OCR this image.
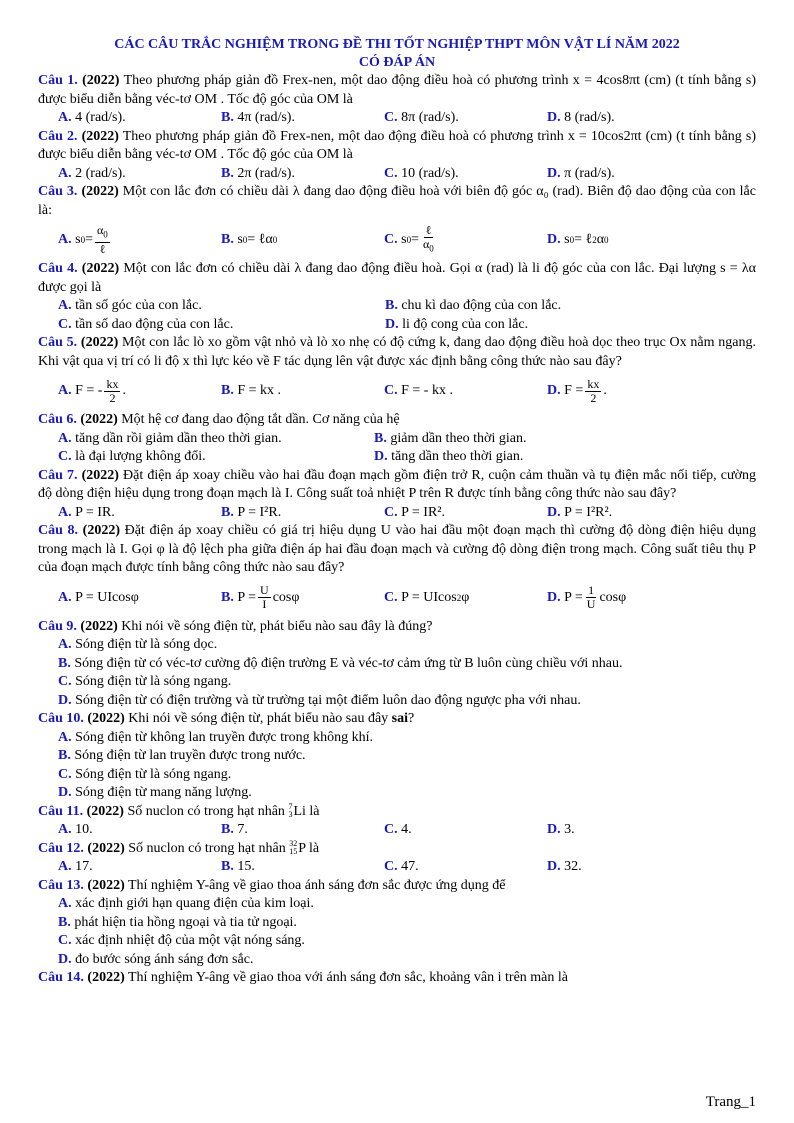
CÁC CÂU TRẮC NGHIỆM TRONG ĐỀ THI TỐT NGHIỆP THPT MÔN VẬT LÍ NĂM 2022
CÓ ĐÁP ÁN
Câu 1. (2022) Theo phương pháp giản đồ Frex-nen, một dao động điều hoà có phương trình x = 4cos8πt (cm) (t tính bằng s) được biểu diễn bằng véc-tơ OM . Tốc độ góc của OM là
A. 4 (rad/s).	B. 4π (rad/s).	C. 8π (rad/s).	D. 8 (rad/s).
Câu 2. (2022) Theo phương pháp giản đồ Frex-nen, một dao động điều hoà có phương trình x = 10cos2πt (cm) (t tính bằng s) được biểu diễn bằng véc-tơ OM . Tốc độ góc của OM là
A. 2 (rad/s).	B. 2π (rad/s).	C. 10 (rad/s).	D. π (rad/s).
Câu 3. (2022) Một con lắc đơn có chiều dài λ đang dao động điều hoà với biên độ góc α₀ (rad). Biên độ dao động của con lắc là:
A. s $0 = \frac{\alpha_0}{\text{ℓ}}$	B. s 0 = ℓα 0	C. s $0 = \frac{\text{ℓ}}{\alpha_0}$	D. s 0 = ℓ 2 α 0
Câu 4. (2022) Một con lắc đơn có chiều dài λ đang dao động điều hoà. Gọi α (rad) là li độ góc của con lắc. Đại lượng s = λα được gọi là
A. tần số góc của con lắc.	B. chu kì dao động của con lắc.
C. tần số dao động của con lắc.	D. li độ cong của con lắc.
Câu 5. (2022) Một con lắc lò xo gồm vật nhỏ và lò xo nhẹ có độ cứng k, đang dao động điều hoà dọc theo trục Ox nằm ngang. Khi vật qua vị trí có li độ x thì lực kéo về F tác dụng lên vật được xác định bằng công thức nào sau đây?
A. F = - $\frac{kx}{2}$ .	B. F = kx .	C. F = - kx .	D. $F = \frac{kx}{2}$ .
Câu 6. (2022) Một hệ cơ đang dao động tắt dần. Cơ năng của hệ
A. tăng dần rồi giảm dần theo thời gian.	B. giảm dần theo thời gian.
C. là đại lượng không đổi.	D. tăng dần theo thời gian.
Câu 7. (2022) Đặt điện áp xoay chiều vào hai đầu đoạn mạch gồm điện trở R, cuộn cảm thuần và tụ điện mắc nối tiếp, cường độ dòng điện hiệu dụng trong đoạn mạch là I. Công suất toả nhiệt P trên R được tính bằng công thức nào sau đây?
A. P = IR.	B. P = I²R.	C. P = IR².	D. P = I²R².
Câu 8. (2022) Đặt điện áp xoay chiều có giá trị hiệu dụng U vào hai đầu một đoạn mạch thì cường độ dòng điện hiệu dụng trong mạch là I. Gọi φ là độ lệch pha giữa điện áp hai đầu đoạn mạch và cường độ dòng điện trong mạch. Công suất tiêu thụ P của đoạn mạch được tính bằng công thức nào sau đây?
A. P = UIcosφ	B. $P = \frac{U}{I}$ cosφ	C. P = UIcos 2 φ	D. $P = \frac{1}{U}$ cosφ
Câu 9. (2022) Khi nói về sóng điện từ, phát biểu nào sau đây là đúng?
A. Sóng điện từ là sóng dọc.
B. Sóng điện từ có véc-tơ cường độ điện trường E và véc-tơ cảm ứng từ B luôn cùng chiều với nhau.
C. Sóng điện từ là sóng ngang.
D. Sóng điện từ có điện trường và từ trường tại một điểm luôn dao động ngược pha với nhau.
Câu 10. (2022) Khi nói về sóng điện từ, phát biểu nào sau đây sai?
A. Sóng điện từ không lan truyền được trong không khí.
B. Sóng điện từ lan truyền được trong nước.
C. Sóng điện từ là sóng ngang.
D. Sóng điện từ mang năng lượng.
Câu 11. (2022) Số nuclon có trong hạt nhân 7
3 Li là
A. 10.	B. 7.	C. 4.	D. 3.
Câu 12. (2022) Số nuclon có trong hạt nhân 32
15 P là
A. 17.	B. 15.	C. 47.	D. 32.
Câu 13. (2022) Thí nghiệm Y-âng về giao thoa ánh sáng đơn sắc được ứng dụng để
A. xác định giới hạn quang điện của kim loại.
B. phát hiện tia hồng ngoại và tia tử ngoại.
C. xác định nhiệt độ của một vật nóng sáng.
D. đo bước sóng ánh sáng đơn sắc.
Câu 14. (2022) Thí nghiệm Y-âng về giao thoa với ánh sáng đơn sắc, khoảng vân i trên màn là
Trang_1
